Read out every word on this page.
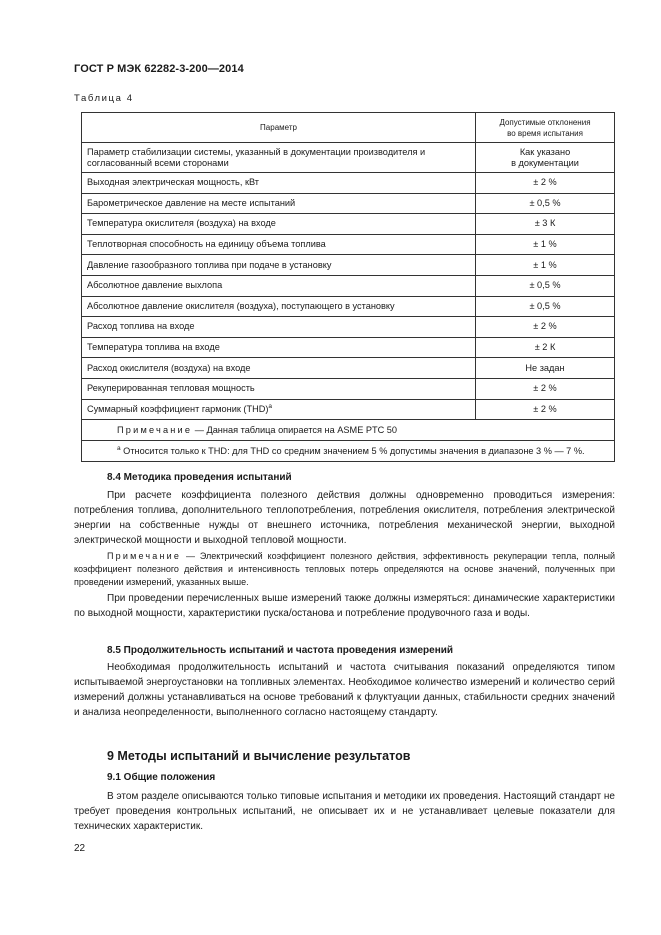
ГОСТ Р МЭК 62282-3-200—2014
Таблица 4
Параметр	Допустимые отклонения
во время испытания
Параметр стабилизации системы, указанный в документации производителя и
согласованный всеми сторонами	Как указано
в документации
Выходная электрическая мощность, кВт	± 2 %
Барометрическое давление на месте испытаний	± 0,5 %
Температура окислителя (воздуха) на входе	± 3 К
Теплотворная способность на единицу объема топлива	± 1 %
Давление газообразного топлива при подаче в установку	± 1 %
Абсолютное давление выхлопа	± 0,5 %
Абсолютное давление окислителя (воздуха), поступающего в установку	± 0,5 %
Расход топлива на входе	± 2 %
Температура топлива на входе	± 2 К
Расход окислителя (воздуха) на входе	Не задан
Рекуперированная тепловая мощность	± 2 %
Суммарный коэффициент гармоник (THD)$^a$	± 2 %
Примечание — Данная таблица опирается на ASME PTC 50	
$^a$ Относится только к THD: для THD со средним значением 5 % допустимы значения в диапазоне 3 % — 7 %.	
8.4 Методика проведения испытаний
При расчете коэффициента полезного действия должны одновременно проводиться измерения: потребления топлива, дополнительного теплопотребления, потребления окислителя, потребления электрической энергии на собственные нужды от внешнего источника, потребления механической энергии, выходной электрической мощности и выходной тепловой мощности.
Примечание — Электрический коэффициент полезного действия, эффективность рекуперации тепла, полный коэффициент полезного действия и интенсивность тепловых потерь определяются на основе значений, полученных при проведении измерений, указанных выше.
При проведении перечисленных выше измерений также должны измеряться: динамические характеристики по выходной мощности, характеристики пуска/останова и потребление продувочного газа и воды.
8.5 Продолжительность испытаний и частота проведения измерений
Необходимая продолжительность испытаний и частота считывания показаний определяются типом испытываемой энергоустановки на топливных элементах. Необходимое количество измерений и количество серий измерений должны устанавливаться на основе требований к флуктуации данных, стабильности средних значений и анализа неопределенности, выполненного согласно настоящему стандарту.
9 Методы испытаний и вычисление результатов
9.1 Общие положения
В этом разделе описываются только типовые испытания и методики их проведения. Настоящий стандарт не требует проведения контрольных испытаний, не описывает их и не устанавливает целевые показатели для технических характеристик.
22
